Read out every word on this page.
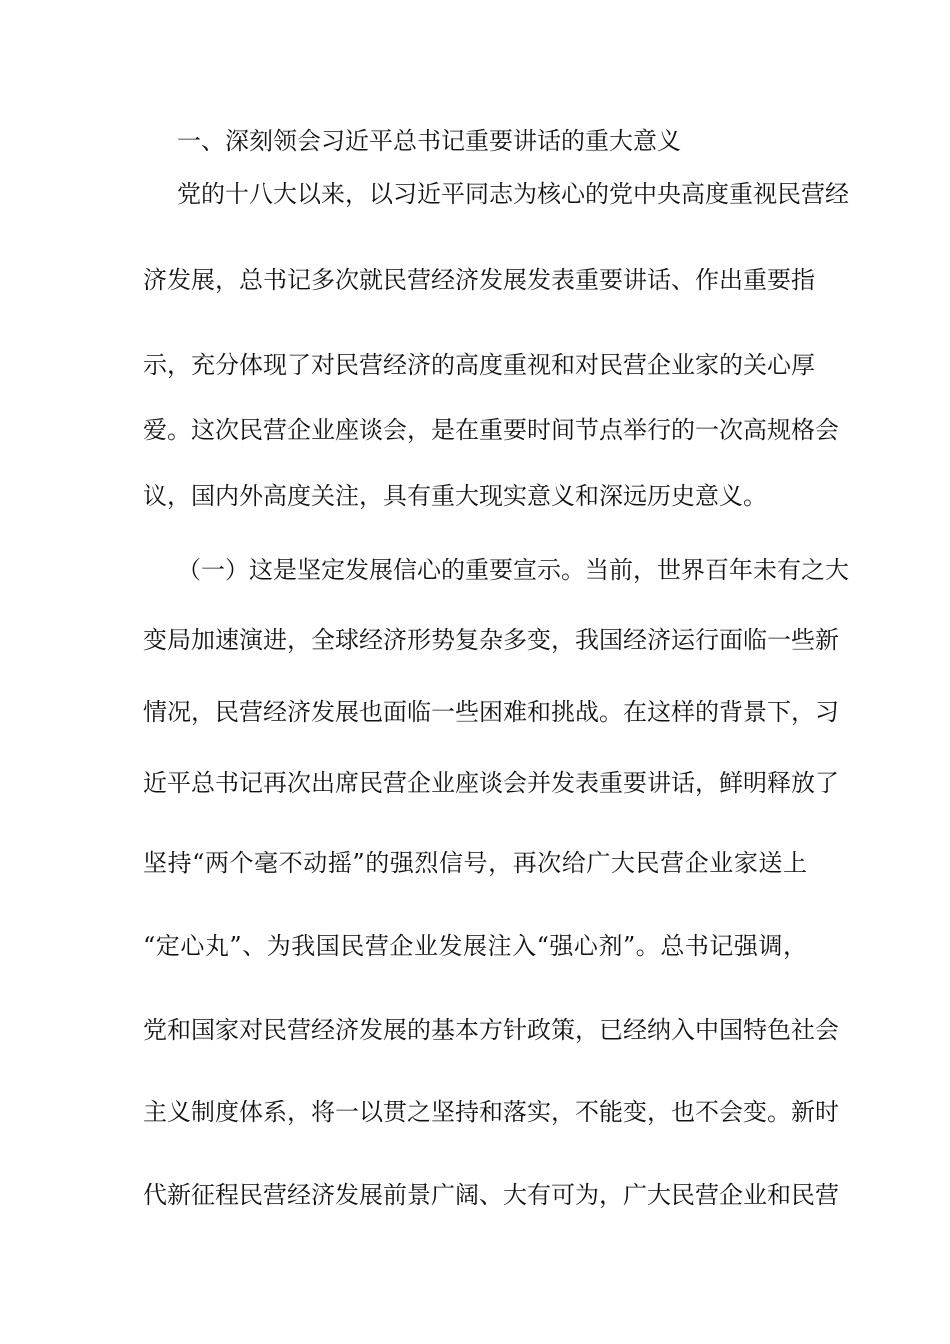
一、深刻领会习近平总书记重要讲话的重大意义
党的十八大以来，以习近平同志为核心的党中央高度重视民营经
济发展，总书记多次就民营经济发展发表重要讲话、作出重要指
示，充分体现了对民营经济的高度重视和对民营企业家的关心厚
爱。这次民营企业座谈会，是在重要时间节点举行的一次高规格会
议，国内外高度关注，具有重大现实意义和深远历史意义。
（一）这是坚定发展信心的重要宣示。当前，世界百年未有之大
变局加速演进，全球经济形势复杂多变，我国经济运行面临一些新
情况，民营经济发展也面临一些困难和挑战。在这样的背景下，习
近平总书记再次出席民营企业座谈会并发表重要讲话，鲜明释放了
坚持“两个毫不动摇”的强烈信号，再次给广大民营企业家送上
“定心丸”、为我国民营企业发展注入“强心剂”。总书记强调，
党和国家对民营经济发展的基本方针政策，已经纳入中国特色社会
主义制度体系，将一以贯之坚持和落实，不能变，也不会变。新时
代新征程民营经济发展前景广阔、大有可为，广大民营企业和民营
